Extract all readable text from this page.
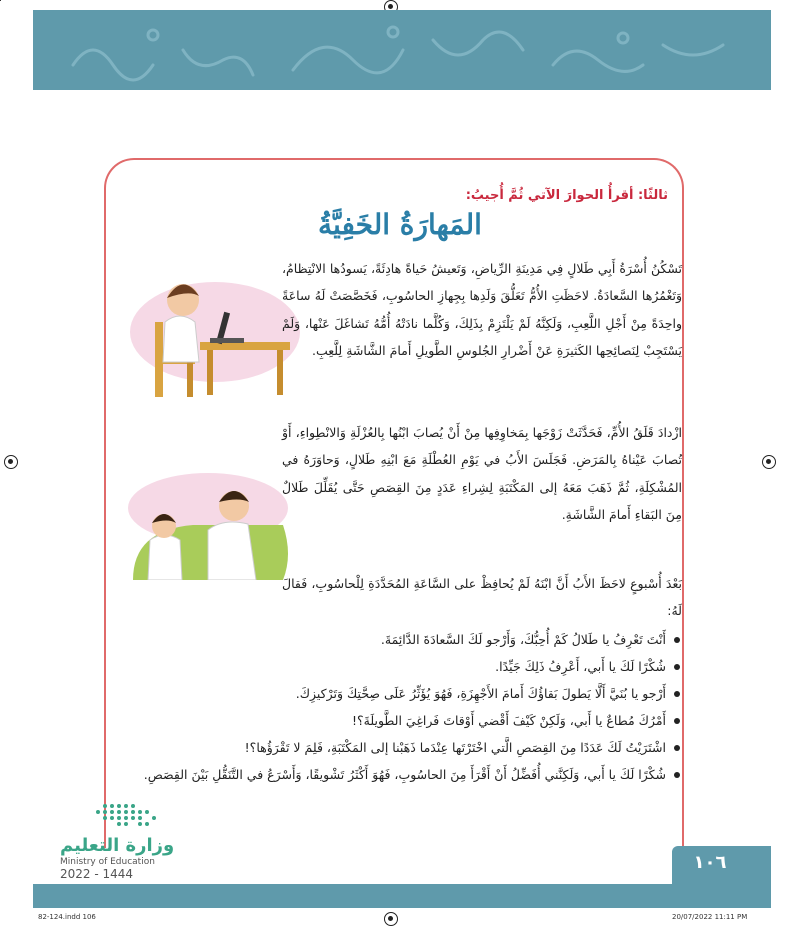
ثالثًا: أقرأُ الحوارَ الآتي ثُمَّ أُجيبُ:
المَهارَةُ الخَفِيَّةُ
تَسْكُنُ أُسْرَةُ أَبِي طَلالٍ فِي مَدِينَةِ الرِّياضِ، وَتَعيشُ حَياةً هادِئَةً، يَسودُها الانْتِظامُ، وَتَغْمُرُها السَّعادَةُ. لاحَظَتِ الأُمُّ تَعَلُّقَ وَلَدِها بِجِهازِ الحاسُوبِ، فَخَصَّصَتْ لَهُ ساعَةً واحِدَةً مِنْ أَجْلِ اللَّعِبِ، وَلَكِنَّهُ لَمْ يَلْتَزِمْ بِذَلِكَ، وَكُلَّما نادَتْهُ أُمُّهُ تَشاغَلَ عَنْها، وَلَمْ يَسْتَجِبْ لِنَصائِحِها الكَثيرَةِ عَنْ أَضْرارِ الجُلوسِ الطَّويلِ أَمامَ الشَّاشَةِ لِلَّعِبِ.
ازْدادَ قَلَقُ الأُمِّ، فَحَدَّثَتْ زَوْجَها بِمَخاوِفِها مِنْ أَنْ يُصابَ ابْنُها بِالعُزْلَةِ وَالانْطِواءِ، أَوْ تُصابَ عَيْناهُ بِالمَرَضِ. فَجَلَسَ الأَبُ في يَوْمِ العُطْلَةِ مَعَ ابْنِهِ طَلالٍ، وَحاوَرَهُ في المُشْكِلَةِ، ثُمَّ ذَهَبَ مَعَهُ إلى المَكْتَبَةِ لِشِراءِ عَدَدٍ مِنَ القِصَصِ حَتَّى يُقَلِّلَ طَلالٌ مِنَ البَقاءِ أَمامَ الشَّاشَةِ.
بَعْدَ أُسْبوعٍ لاحَظَ الأَبُ أَنَّ ابْنَهُ لَمْ يُحافِظْ على السَّاعَةِ المُحَدَّدَةِ لِلْحاسُوبِ، فَقالَ لَهُ:
أَنْتَ تَعْرِفُ يا طَلالُ كَمْ أُحِبُّكَ، وَأَرْجو لَكَ السَّعادَةَ الدَّائِمَةَ.
شُكْرًا لَكَ يا أَبي، أَعْرِفُ ذَلِكَ جَيِّدًا.
أَرْجو يا بُنَيَّ أَلَّا يَطولَ بَقاؤُكَ أَمامَ الأَجْهِزَةِ، فَهُوَ يُؤَثِّرُ عَلَى صِحَّتِكَ وَتَرْكيزِكَ.
أَمْرُكَ مُطاعٌ يا أَبي، وَلَكِنْ كَيْفَ أَقْضي أَوْقاتَ فَراغِيَ الطَّويلَةَ؟!
اشْتَرَيْتُ لَكَ عَدَدًا مِنَ القِصَصِ الَّتي اخْتَرْتَها عِنْدَما ذَهَبْنا إلى المَكْتَبَةِ، فَلِمَ لا تَقْرَؤُها؟!
شُكْرًا لَكَ يا أَبي، وَلَكِنَّني أُفَضِّلُ أَنْ أَقْرَأَ مِنَ الحاسُوبِ، فَهُوَ أَكْثَرُ تَشْويقًا، وَأَسْرَعُ في التَّنَقُّلِ بَيْنَ القِصَصِ.
وزارة التعليم
Ministry of Education
2022 - 1444
١٠٦
82-124.indd 106	20/07/2022 11:11 PM
